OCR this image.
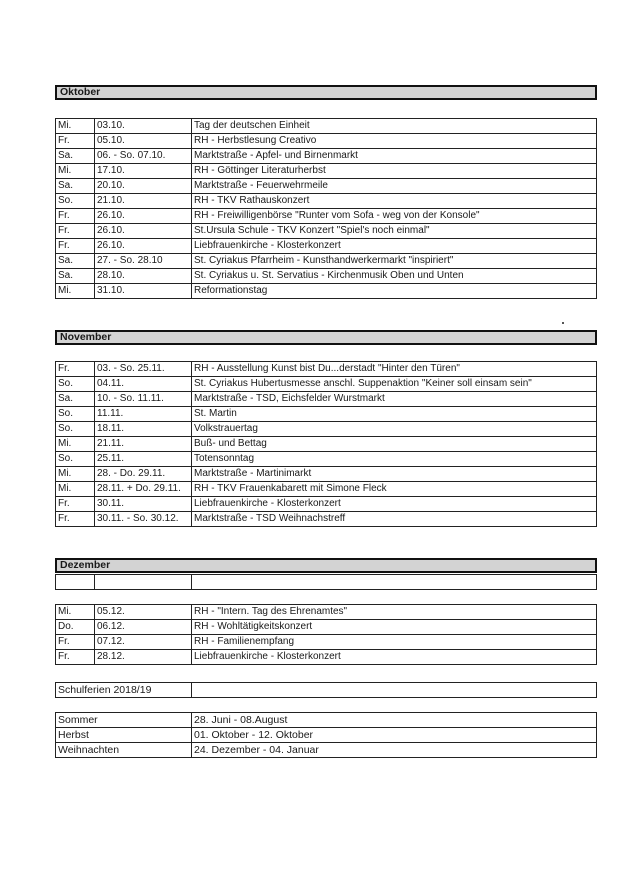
Oktober
Mi.	03.10.	Tag der deutschen Einheit
Fr.	05.10.	RH - Herbstlesung Creativo
Sa.	06. - So. 07.10.	Marktstraße - Apfel- und Birnenmarkt
Mi.	17.10.	RH - Göttinger Literaturherbst
Sa.	20.10.	Marktstraße - Feuerwehrmeile
So.	21.10.	RH - TKV Rathauskonzert
Fr.	26.10.	RH - Freiwilligenbörse "Runter vom Sofa - weg von der Konsole"
Fr.	26.10.	St.Ursula Schule - TKV Konzert "Spiel's noch einmal"
Fr.	26.10.	Liebfrauenkirche - Klosterkonzert
Sa.	27. - So. 28.10	St. Cyriakus Pfarrheim - Kunsthandwerkermarkt "inspiriert"
Sa.	28.10.	St. Cyriakus u. St. Servatius - Kirchenmusik Oben und Unten
Mi.	31.10.	Reformationstag
November
Fr.	03. - So. 25.11.	RH - Ausstellung Kunst bist Du...derstadt "Hinter den Türen"
So.	04.11.	St. Cyriakus Hubertusmesse anschl. Suppenaktion "Keiner soll einsam sein"
Sa.	10. - So. 11.11.	Marktstraße - TSD, Eichsfelder Wurstmarkt
So.	11.11.	St. Martin
So.	18.11.	Volkstrauertag
Mi.	21.11.	Buß- und Bettag
So.	25.11.	Totensonntag
Mi.	28. - Do. 29.11.	Marktstraße - Martinimarkt
Mi.	28.11. + Do. 29.11.	RH - TKV Frauenkabarett mit Simone Fleck
Fr.	30.11.	Liebfrauenkirche - Klosterkonzert
Fr.	30.11. - So. 30.12.	Marktstraße - TSD Weihnachstreff
Dezember

Mi.	05.12.	RH - "Intern. Tag des Ehrenamtes"
Do.	06.12.	RH - Wohltätigkeitskonzert
Fr.	07.12.	RH - Familienempfang
Fr.	28.12.	Liebfrauenkirche - Klosterkonzert
Schulferien 2018/19	

Sommer	28. Juni - 08.August
Herbst	01. Oktober - 12. Oktober
Weihnachten	24. Dezember - 04. Januar
